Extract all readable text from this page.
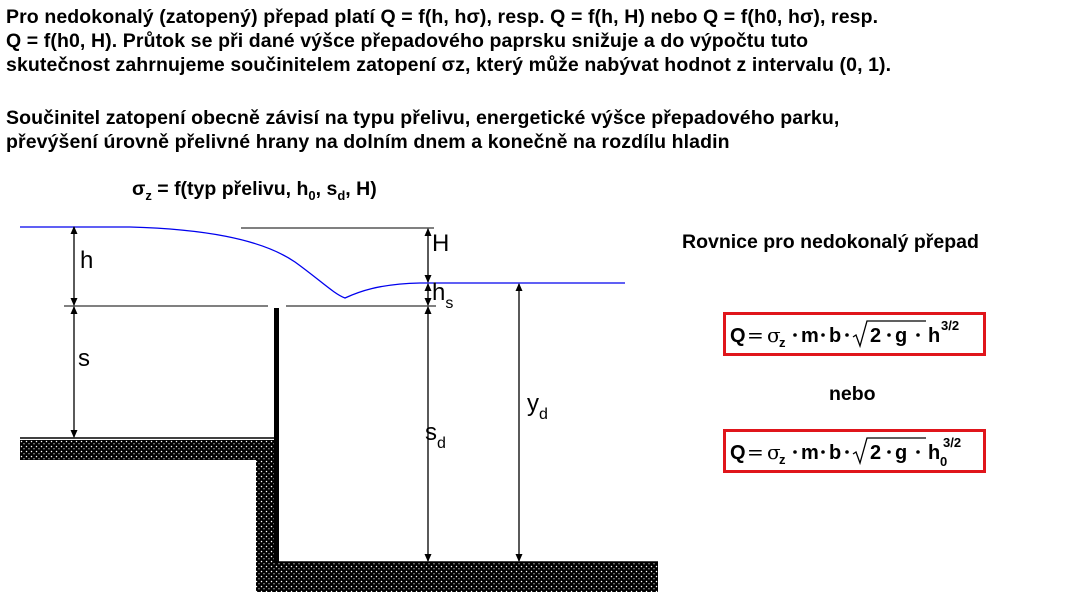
Pro nedokonalý (zatopený) přepad platí Q = f(h, hσ), resp. Q = f(h, H) nebo Q = f(h0, hσ), resp.
Q = f(h0, H). Průtok se při dané výšce přepadového paprsku snižuje a do výpočtu tuto
skutečnost zahrnujeme součinitelem zatopení σz, který může nabývat hodnot z intervalu (0, 1).

Součinitel zatopení obecně závisí na typu přelivu, energetické výšce přepadového parku,
převýšení úrovně přelivné hrany na dolním dnem a konečně na rozdílu hladin

$\sigma_z = f(typ$ přelivu, $h_0$, $s_d$, H)
h
H
$h_s$
s
$s_d$
$y_d$
Rovnice pro nedokonalý přepad
Q = σ
z m b 2 g h 3/2
nebo
Q = σ
z m b 2 g h 0
3/2
